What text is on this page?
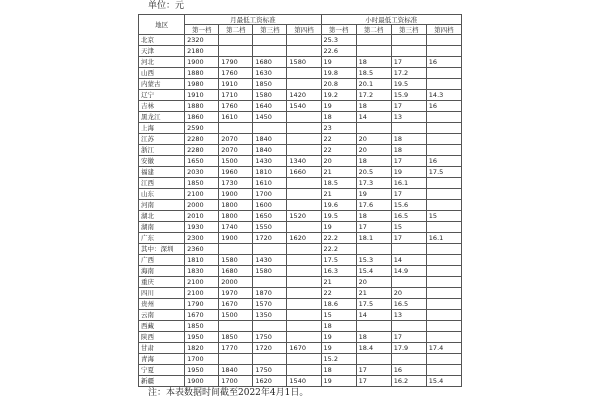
单位：元
地区	月最低工资标准				小时最低工资标准			
	第一档	第二档	第三档	第四档	第一档	第二档	第三档	第四档
北京	2320				25.3			
天津	2180				22.6			
河北	1900	1790	1680	1580	19	18	17	16
山西	1880	1760	1630		19.8	18.5	17.2	
内蒙古	1980	1910	1850		20.8	20.1	19.5	
辽宁	1910	1710	1580	1420	19.2	17.2	15.9	14.3
吉林	1880	1760	1640	1540	19	18	17	16
黑龙江	1860	1610	1450		18	14	13	
上海	2590				23			
江苏	2280	2070	1840		22	20	18	
浙江	2280	2070	1840		22	20	18	
安徽	1650	1500	1430	1340	20	18	17	16
福建	2030	1960	1810	1660	21	20.5	19	17.5
江西	1850	1730	1610		18.5	17.3	16.1	
山东	2100	1900	1700		21	19	17	
河南	2000	1800	1600		19.6	17.6	15.6	
湖北	2010	1800	1650	1520	19.5	18	16.5	15
湖南	1930	1740	1550		19	17	15	
广东	2300	1900	1720	1620	22.2	18.1	17	16.1
其中：深圳	2360				22.2			
广西	1810	1580	1430		17.5	15.3	14	
海南	1830	1680	1580		16.3	15.4	14.9	
重庆	2100	2000			21	20		
四川	2100	1970	1870		22	21	20	
贵州	1790	1670	1570		18.6	17.5	16.5	
云南	1670	1500	1350		15	14	13	
西藏	1850				18			
陕西	1950	1850	1750		19	18	17	
甘肃	1820	1770	1720	1670	19	18.4	17.9	17.4
青海	1700				15.2			
宁夏	1950	1840	1750		18	17	16	
新疆	1900	1700	1620	1540	19	17	16.2	15.4
注：本表数据时间截至2022年4月1日。
